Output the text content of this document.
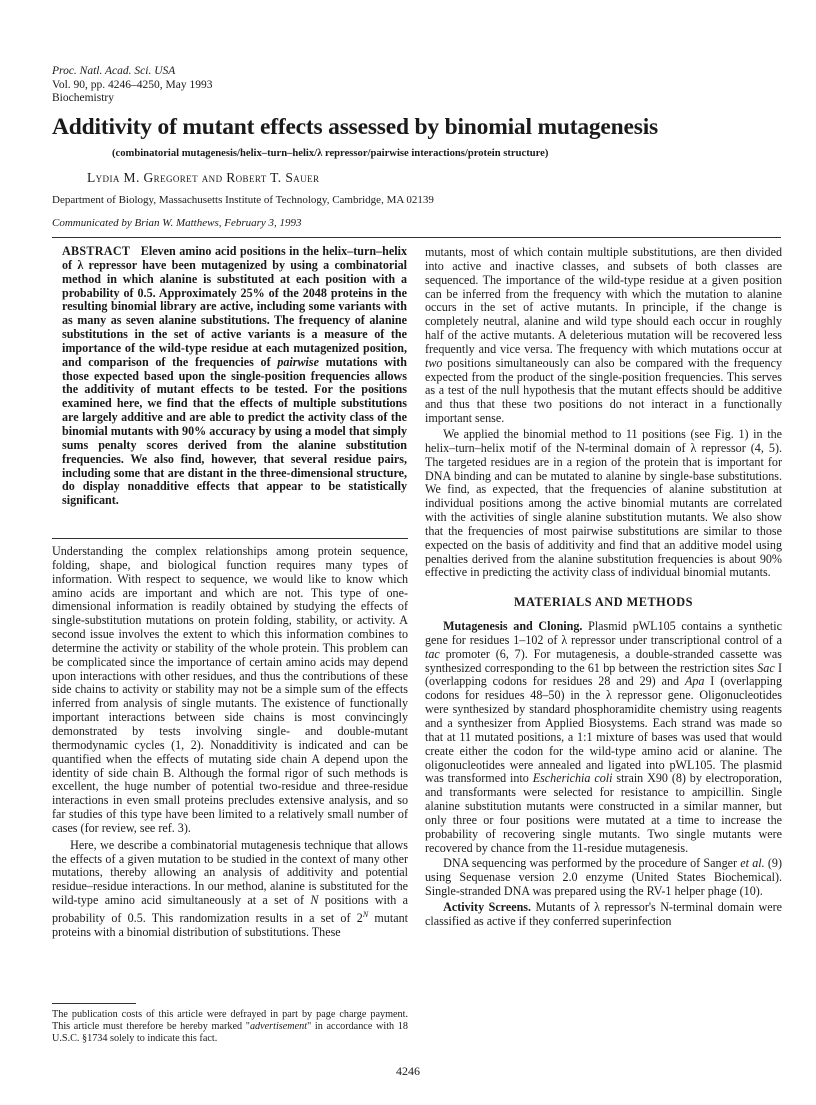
Proc. Natl. Acad. Sci. USA
Vol. 90, pp. 4246–4250, May 1993
Biochemistry
Additivity of mutant effects assessed by binomial mutagenesis
(combinatorial mutagenesis/helix–turn–helix/λ repressor/pairwise interactions/protein structure)
Lydia M. Gregoret and Robert T. Sauer
Department of Biology, Massachusetts Institute of Technology, Cambridge, MA 02139
Communicated by Brian W. Matthews, February 3, 1993

ABSTRACT Eleven amino acid positions in the helix–turn–helix of λ repressor have been mutagenized by using a combinatorial method in which alanine is substituted at each position with a probability of 0.5. Approximately 25% of the 2048 proteins in the resulting binomial library are active, including some variants with as many as seven alanine substitutions. The frequency of alanine substitutions in the set of active variants is a measure of the importance of the wild-type residue at each mutagenized position, and comparison of the frequencies of pairwise mutations with those expected based upon the single-position frequencies allows the additivity of mutant effects to be tested. For the positions examined here, we find that the effects of multiple substitutions are largely additive and are able to predict the activity class of the binomial mutants with 90% accuracy by using a model that simply sums penalty scores derived from the alanine substitution frequencies. We also find, however, that several residue pairs, including some that are distant in the three-dimensional structure, do display nonadditive effects that appear to be statistically significant.

Understanding the complex relationships among protein sequence, folding, shape, and biological function requires many types of information. With respect to sequence, we would like to know which amino acids are important and which are not. This type of one-dimensional information is readily obtained by studying the effects of single-substitution mutations on protein folding, stability, or activity. A second issue involves the extent to which this information combines to determine the activity or stability of the whole protein. This problem can be complicated since the importance of certain amino acids may depend upon interactions with other residues, and thus the contributions of these side chains to activity or stability may not be a simple sum of the effects inferred from analysis of single mutants. The existence of functionally important interactions between side chains is most convincingly demonstrated by tests involving single- and double-mutant thermodynamic cycles (1, 2). Nonadditivity is indicated and can be quantified when the effects of mutating side chain A depend upon the identity of side chain B. Although the formal rigor of such methods is excellent, the huge number of potential two-residue and three-residue interactions in even small proteins precludes extensive analysis, and so far studies of this type have been limited to a relatively small number of cases (for review, see ref. 3).

Here, we describe a combinatorial mutagenesis technique that allows the effects of a given mutation to be studied in the context of many other mutations, thereby allowing an analysis of additivity and potential residue–residue interactions. In our method, alanine is substituted for the wild-type amino acid simultaneously at a set of N positions with a probability of 0.5. This randomization results in a set of $2^N$ mutant proteins with a binomial distribution of substitutions. These

mutants, most of which contain multiple substitutions, are then divided into active and inactive classes, and subsets of both classes are sequenced. The importance of the wild-type residue at a given position can be inferred from the frequency with which the mutation to alanine occurs in the set of active mutants. In principle, if the change is completely neutral, alanine and wild type should each occur in roughly half of the active mutants. A deleterious mutation will be recovered less frequently and vice versa. The frequency with which mutations occur at two positions simultaneously can also be compared with the frequency expected from the product of the single-position frequencies. This serves as a test of the null hypothesis that the mutant effects should be additive and thus that these two positions do not interact in a functionally important sense.

We applied the binomial method to 11 positions (see Fig. 1) in the helix–turn–helix motif of the N-terminal domain of λ repressor (4, 5). The targeted residues are in a region of the protein that is important for DNA binding and can be mutated to alanine by single-base substitutions. We find, as expected, that the frequencies of alanine substitution at individual positions among the active binomial mutants are correlated with the activities of single alanine substitution mutants. We also show that the frequencies of most pairwise substitutions are similar to those expected on the basis of additivity and find that an additive model using penalties derived from the alanine substitution frequencies is about 90% effective in predicting the activity class of individual binomial mutants.

MATERIALS AND METHODS

Mutagenesis and Cloning. Plasmid pWL105 contains a synthetic gene for residues 1–102 of λ repressor under transcriptional control of a tac promoter (6, 7). For mutagenesis, a double-stranded cassette was synthesized corresponding to the 61 bp between the restriction sites Sac I (overlapping codons for residues 28 and 29) and Apa I (overlapping codons for residues 48–50) in the λ repressor gene. Oligonucleotides were synthesized by standard phosphoramidite chemistry using reagents and a synthesizer from Applied Biosystems. Each strand was made so that at 11 mutated positions, a 1:1 mixture of bases was used that would create either the codon for the wild-type amino acid or alanine. The oligonucleotides were annealed and ligated into pWL105. The plasmid was transformed into Escherichia coli strain X90 (8) by electroporation, and transformants were selected for resistance to ampicillin. Single alanine substitution mutants were constructed in a similar manner, but only three or four positions were mutated at a time to increase the probability of recovering single mutants. Two single mutants were recovered by chance from the 11-residue mutagenesis.

DNA sequencing was performed by the procedure of Sanger et al. (9) using Sequenase version 2.0 enzyme (United States Biochemical). Single-stranded DNA was prepared using the RV-1 helper phage (10).

Activity Screens. Mutants of λ repressor's N-terminal domain were classified as active if they conferred superinfection

The publication costs of this article were defrayed in part by page charge payment. This article must therefore be hereby marked "advertisement" in accordance with 18 U.S.C. §1734 solely to indicate this fact.
4246
